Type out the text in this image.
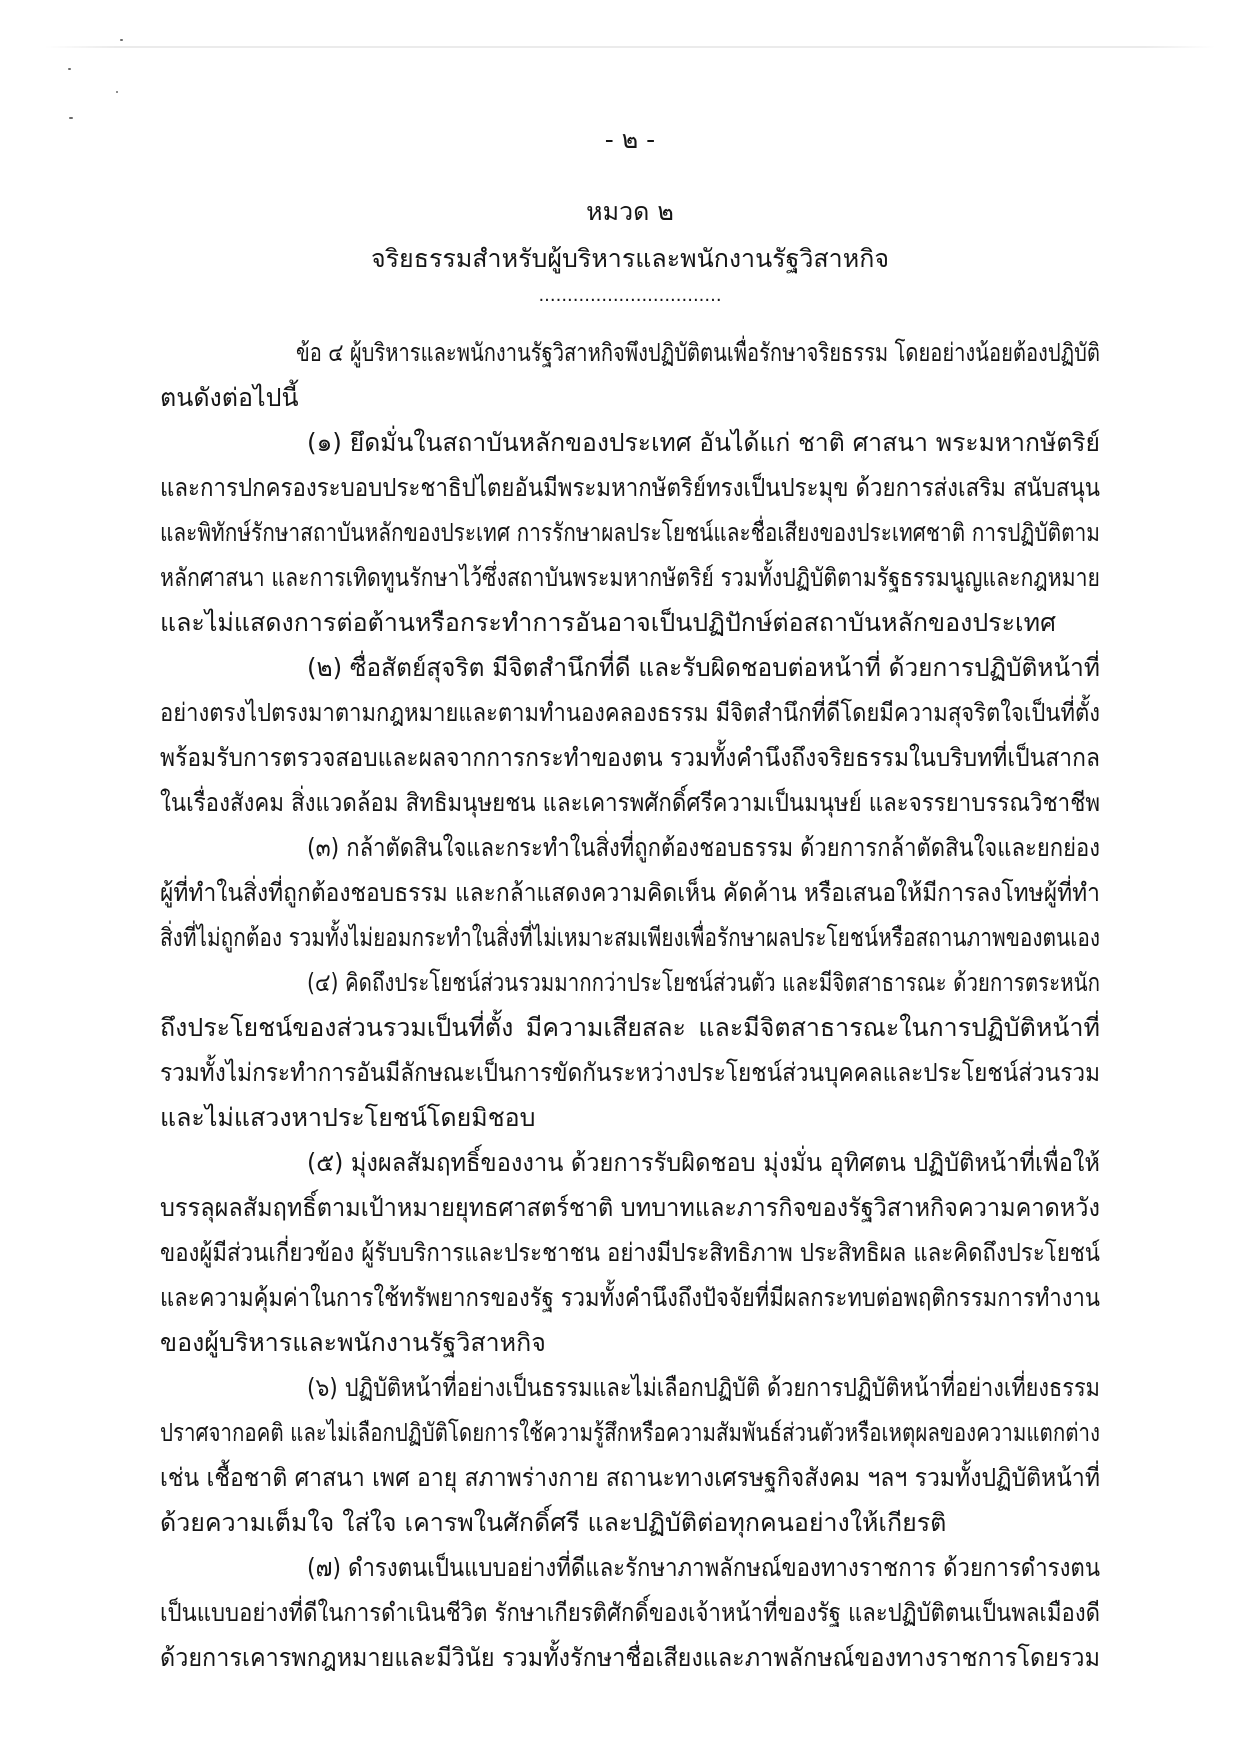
- ๒ -
หมวด ๒
จริยธรรมสำหรับผู้บริหารและพนักงานรัฐวิสาหกิจ
................................
ข้อ ๔ ผู้บริหารและพนักงานรัฐวิสาหกิจพึงปฏิบัติตนเพื่อรักษาจริยธรรม โดยอย่างน้อยต้องปฏิบัติ
ตนดังต่อไปนี้
(๑) ยึดมั่นในสถาบันหลักของประเทศ อันได้แก่ ชาติ ศาสนา พระมหากษัตริย์
และการปกครองระบอบประชาธิปไตยอันมีพระมหากษัตริย์ทรงเป็นประมุข ด้วยการส่งเสริม สนับสนุน
และพิทักษ์รักษาสถาบันหลักของประเทศ การรักษาผลประโยชน์และชื่อเสียงของประเทศชาติ การปฏิบัติตาม
หลักศาสนา และการเทิดทูนรักษาไว้ซึ่งสถาบันพระมหากษัตริย์ รวมทั้งปฏิบัติตามรัฐธรรมนูญและกฎหมาย
และไม่แสดงการต่อต้านหรือกระทำการอันอาจเป็นปฏิปักษ์ต่อสถาบันหลักของประเทศ
(๒) ซื่อสัตย์สุจริต มีจิตสำนึกที่ดี และรับผิดชอบต่อหน้าที่ ด้วยการปฏิบัติหน้าที่
อย่างตรงไปตรงมาตามกฎหมายและตามทำนองคลองธรรม มีจิตสำนึกที่ดีโดยมีความสุจริตใจเป็นที่ตั้ง
พร้อมรับการตรวจสอบและผลจากการกระทำของตน รวมทั้งคำนึงถึงจริยธรรมในบริบทที่เป็นสากล
ในเรื่องสังคม สิ่งแวดล้อม สิทธิมนุษยชน และเคารพศักดิ์ศรีความเป็นมนุษย์ และจรรยาบรรณวิชาชีพ
(๓) กล้าตัดสินใจและกระทำในสิ่งที่ถูกต้องชอบธรรม ด้วยการกล้าตัดสินใจและยกย่อง
ผู้ที่ทำในสิ่งที่ถูกต้องชอบธรรม และกล้าแสดงความคิดเห็น คัดค้าน หรือเสนอให้มีการลงโทษผู้ที่ทำ
สิ่งที่ไม่ถูกต้อง รวมทั้งไม่ยอมกระทำในสิ่งที่ไม่เหมาะสมเพียงเพื่อรักษาผลประโยชน์หรือสถานภาพของตนเอง
(๔) คิดถึงประโยชน์ส่วนรวมมากกว่าประโยชน์ส่วนตัว และมีจิตสาธารณะ ด้วยการตระหนัก
ถึงประโยชน์ของส่วนรวมเป็นที่ตั้ง มีความเสียสละ และมีจิตสาธารณะในการปฏิบัติหน้าที่
รวมทั้งไม่กระทำการอันมีลักษณะเป็นการขัดกันระหว่างประโยชน์ส่วนบุคคลและประโยชน์ส่วนรวม
และไม่แสวงหาประโยชน์โดยมิชอบ
(๕) มุ่งผลสัมฤทธิ์ของงาน ด้วยการรับผิดชอบ มุ่งมั่น อุทิศตน ปฏิบัติหน้าที่เพื่อให้
บรรลุผลสัมฤทธิ์ตามเป้าหมายยุทธศาสตร์ชาติ บทบาทและภารกิจของรัฐวิสาหกิจความคาดหวัง
ของผู้มีส่วนเกี่ยวข้อง ผู้รับบริการและประชาชน อย่างมีประสิทธิภาพ ประสิทธิผล และคิดถึงประโยชน์
และความคุ้มค่าในการใช้ทรัพยากรของรัฐ รวมทั้งคำนึงถึงปัจจัยที่มีผลกระทบต่อพฤติกรรมการทำงาน
ของผู้บริหารและพนักงานรัฐวิสาหกิจ
(๖) ปฏิบัติหน้าที่อย่างเป็นธรรมและไม่เลือกปฏิบัติ ด้วยการปฏิบัติหน้าที่อย่างเที่ยงธรรม
ปราศจากอคติ และไม่เลือกปฏิบัติโดยการใช้ความรู้สึกหรือความสัมพันธ์ส่วนตัวหรือเหตุผลของความแตกต่าง
เช่น เชื้อชาติ ศาสนา เพศ อายุ สภาพร่างกาย สถานะทางเศรษฐกิจสังคม ฯลฯ รวมทั้งปฏิบัติหน้าที่
ด้วยความเต็มใจ ใส่ใจ เคารพในศักดิ์ศรี และปฏิบัติต่อทุกคนอย่างให้เกียรติ
(๗) ดำรงตนเป็นแบบอย่างที่ดีและรักษาภาพลักษณ์ของทางราชการ ด้วยการดำรงตน
เป็นแบบอย่างที่ดีในการดำเนินชีวิต รักษาเกียรติศักดิ์ของเจ้าหน้าที่ของรัฐ และปฏิบัติตนเป็นพลเมืองดี
ด้วยการเคารพกฎหมายและมีวินัย รวมทั้งรักษาชื่อเสียงและภาพลักษณ์ของทางราชการโดยรวม
